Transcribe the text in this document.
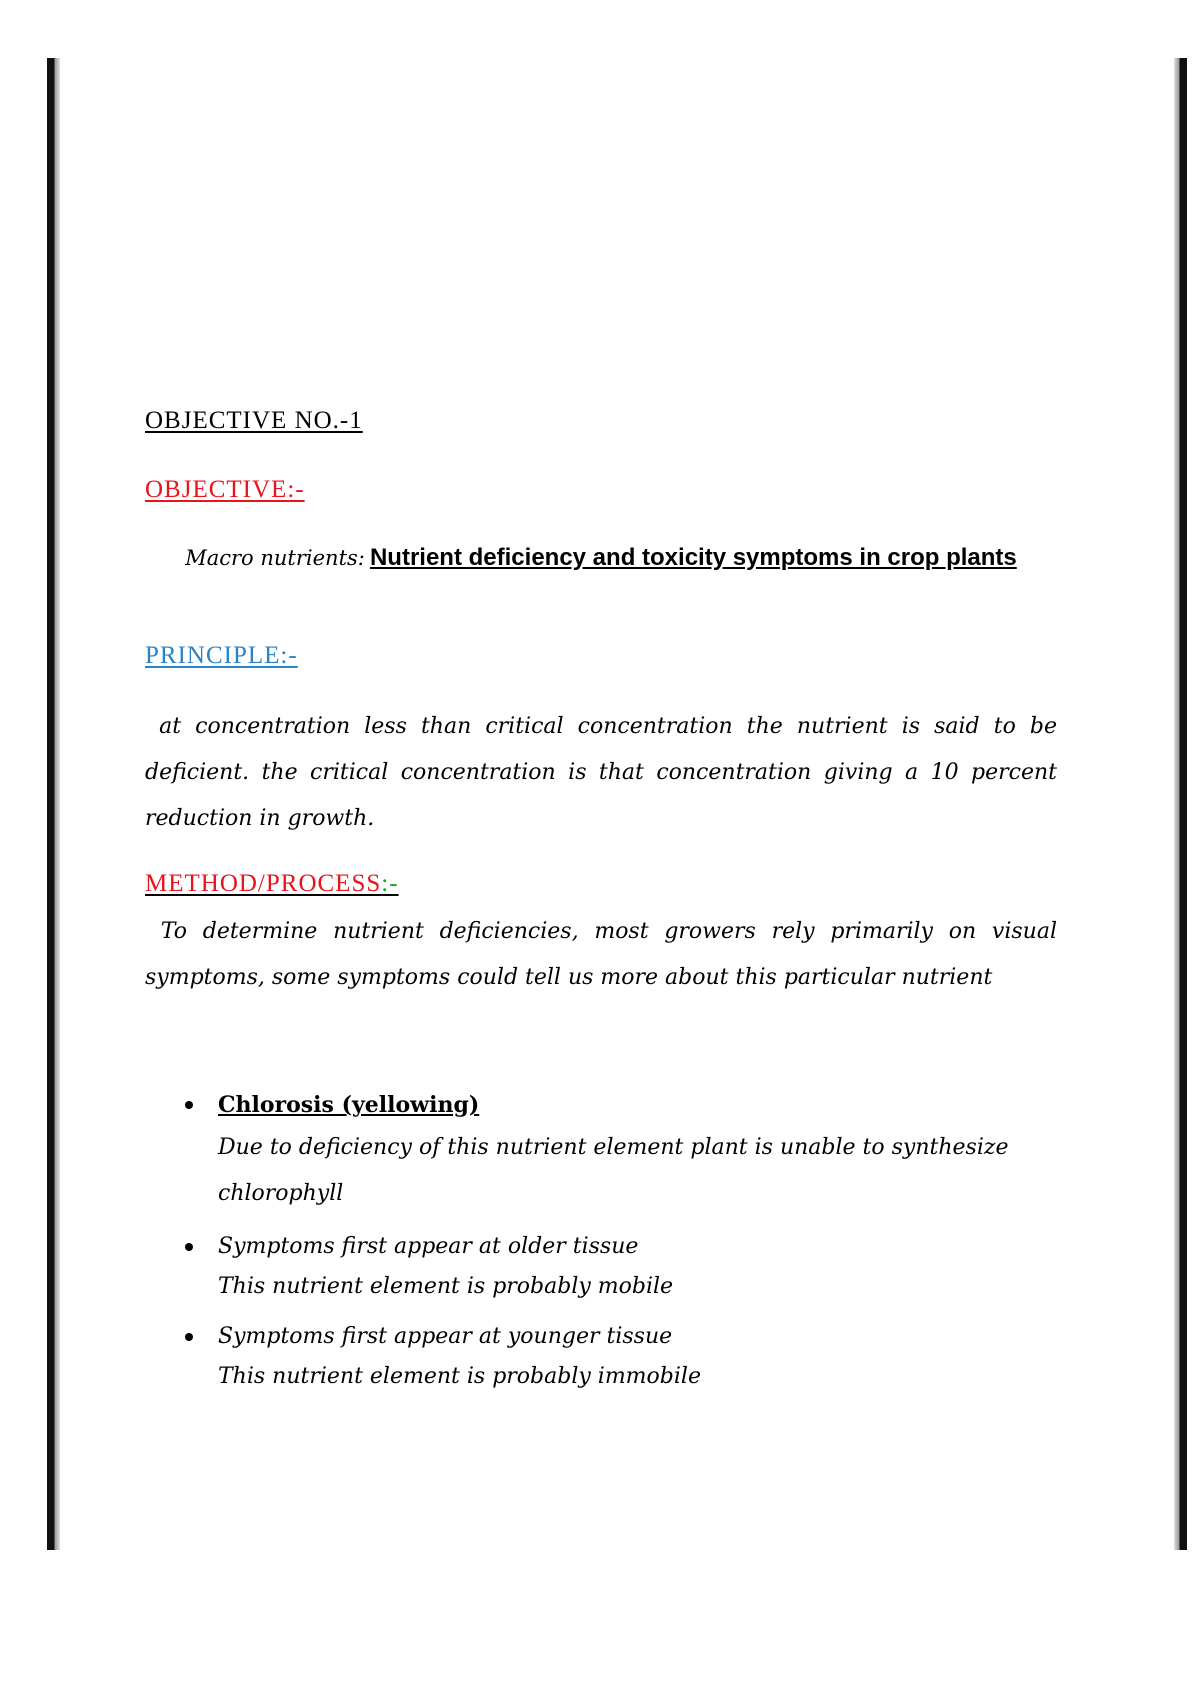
OBJECTIVE NO.-1
OBJECTIVE:-
Macro nutrients: Nutrient deficiency and toxicity symptoms in crop plants
PRINCIPLE:-

at concentration less than critical concentration the nutrient is said to be deficient. the critical concentration is that concentration giving a 10 percent reduction in growth.

METHOD/PROCESS:-

To determine nutrient deficiencies, most growers rely primarily on visual symptoms, some symptoms could tell us more about this particular nutrient

Chlorosis (yellowing)
Due to deficiency of this nutrient element plant is unable to synthesize chlorophyll
Symptoms first appear at older tissue
This nutrient element is probably mobile
Symptoms first appear at younger tissue
This nutrient element is probably immobile
